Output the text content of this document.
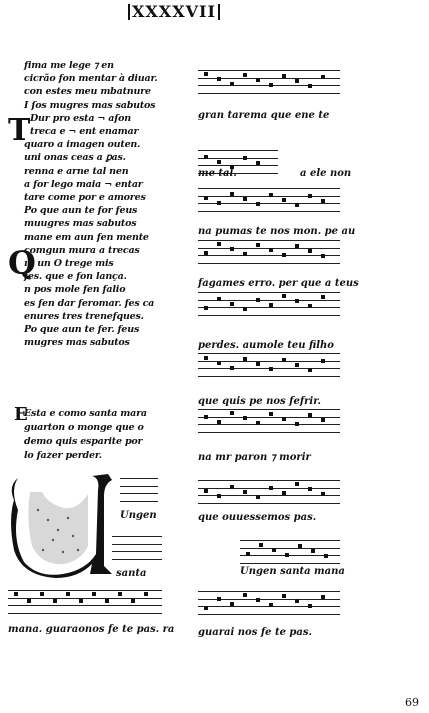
XXXXVII
fima me lege ⁊ en
cicrão fon mentar à diuar.
con estes meu mbatnure
I ſos mugres mas sabutos
Dur pro esta ¬ aſon
treca e ¬ ent enamar
quaro a imagen outen.
uni onas ceas a ꝑas.
renna e arne tal nen
a for lego maia ¬ entar
tare come por e amores
Po que aun te for feus
muugres mas sabutos
mane em aun fen mente
comgun mura a trecas
ın un O trege mis
fes. que e fon lança.
n pos mole fen falio
es fen dar feromar. fes ca
enures tres trenefques.
Po que aun te fer. feus
mugres mas sabutos
Esta e como santa mara
guarton o monge que o
demo quis esparite por
lo fazer perder.
T
Q
E
Ungen
santa
mana. guaraonos fe te pas. ra
gran tarema que ene te
me tal.
na pumas te nos mon. pe au
fagames erro. per que a teus
perdes. aumole teu filho
que quis pe nos fefrir.
na mr paron ⁊ morir
que ouuessemos pas.
Ungen santa mana
guarai nos fe te pas.
a ele non
69
